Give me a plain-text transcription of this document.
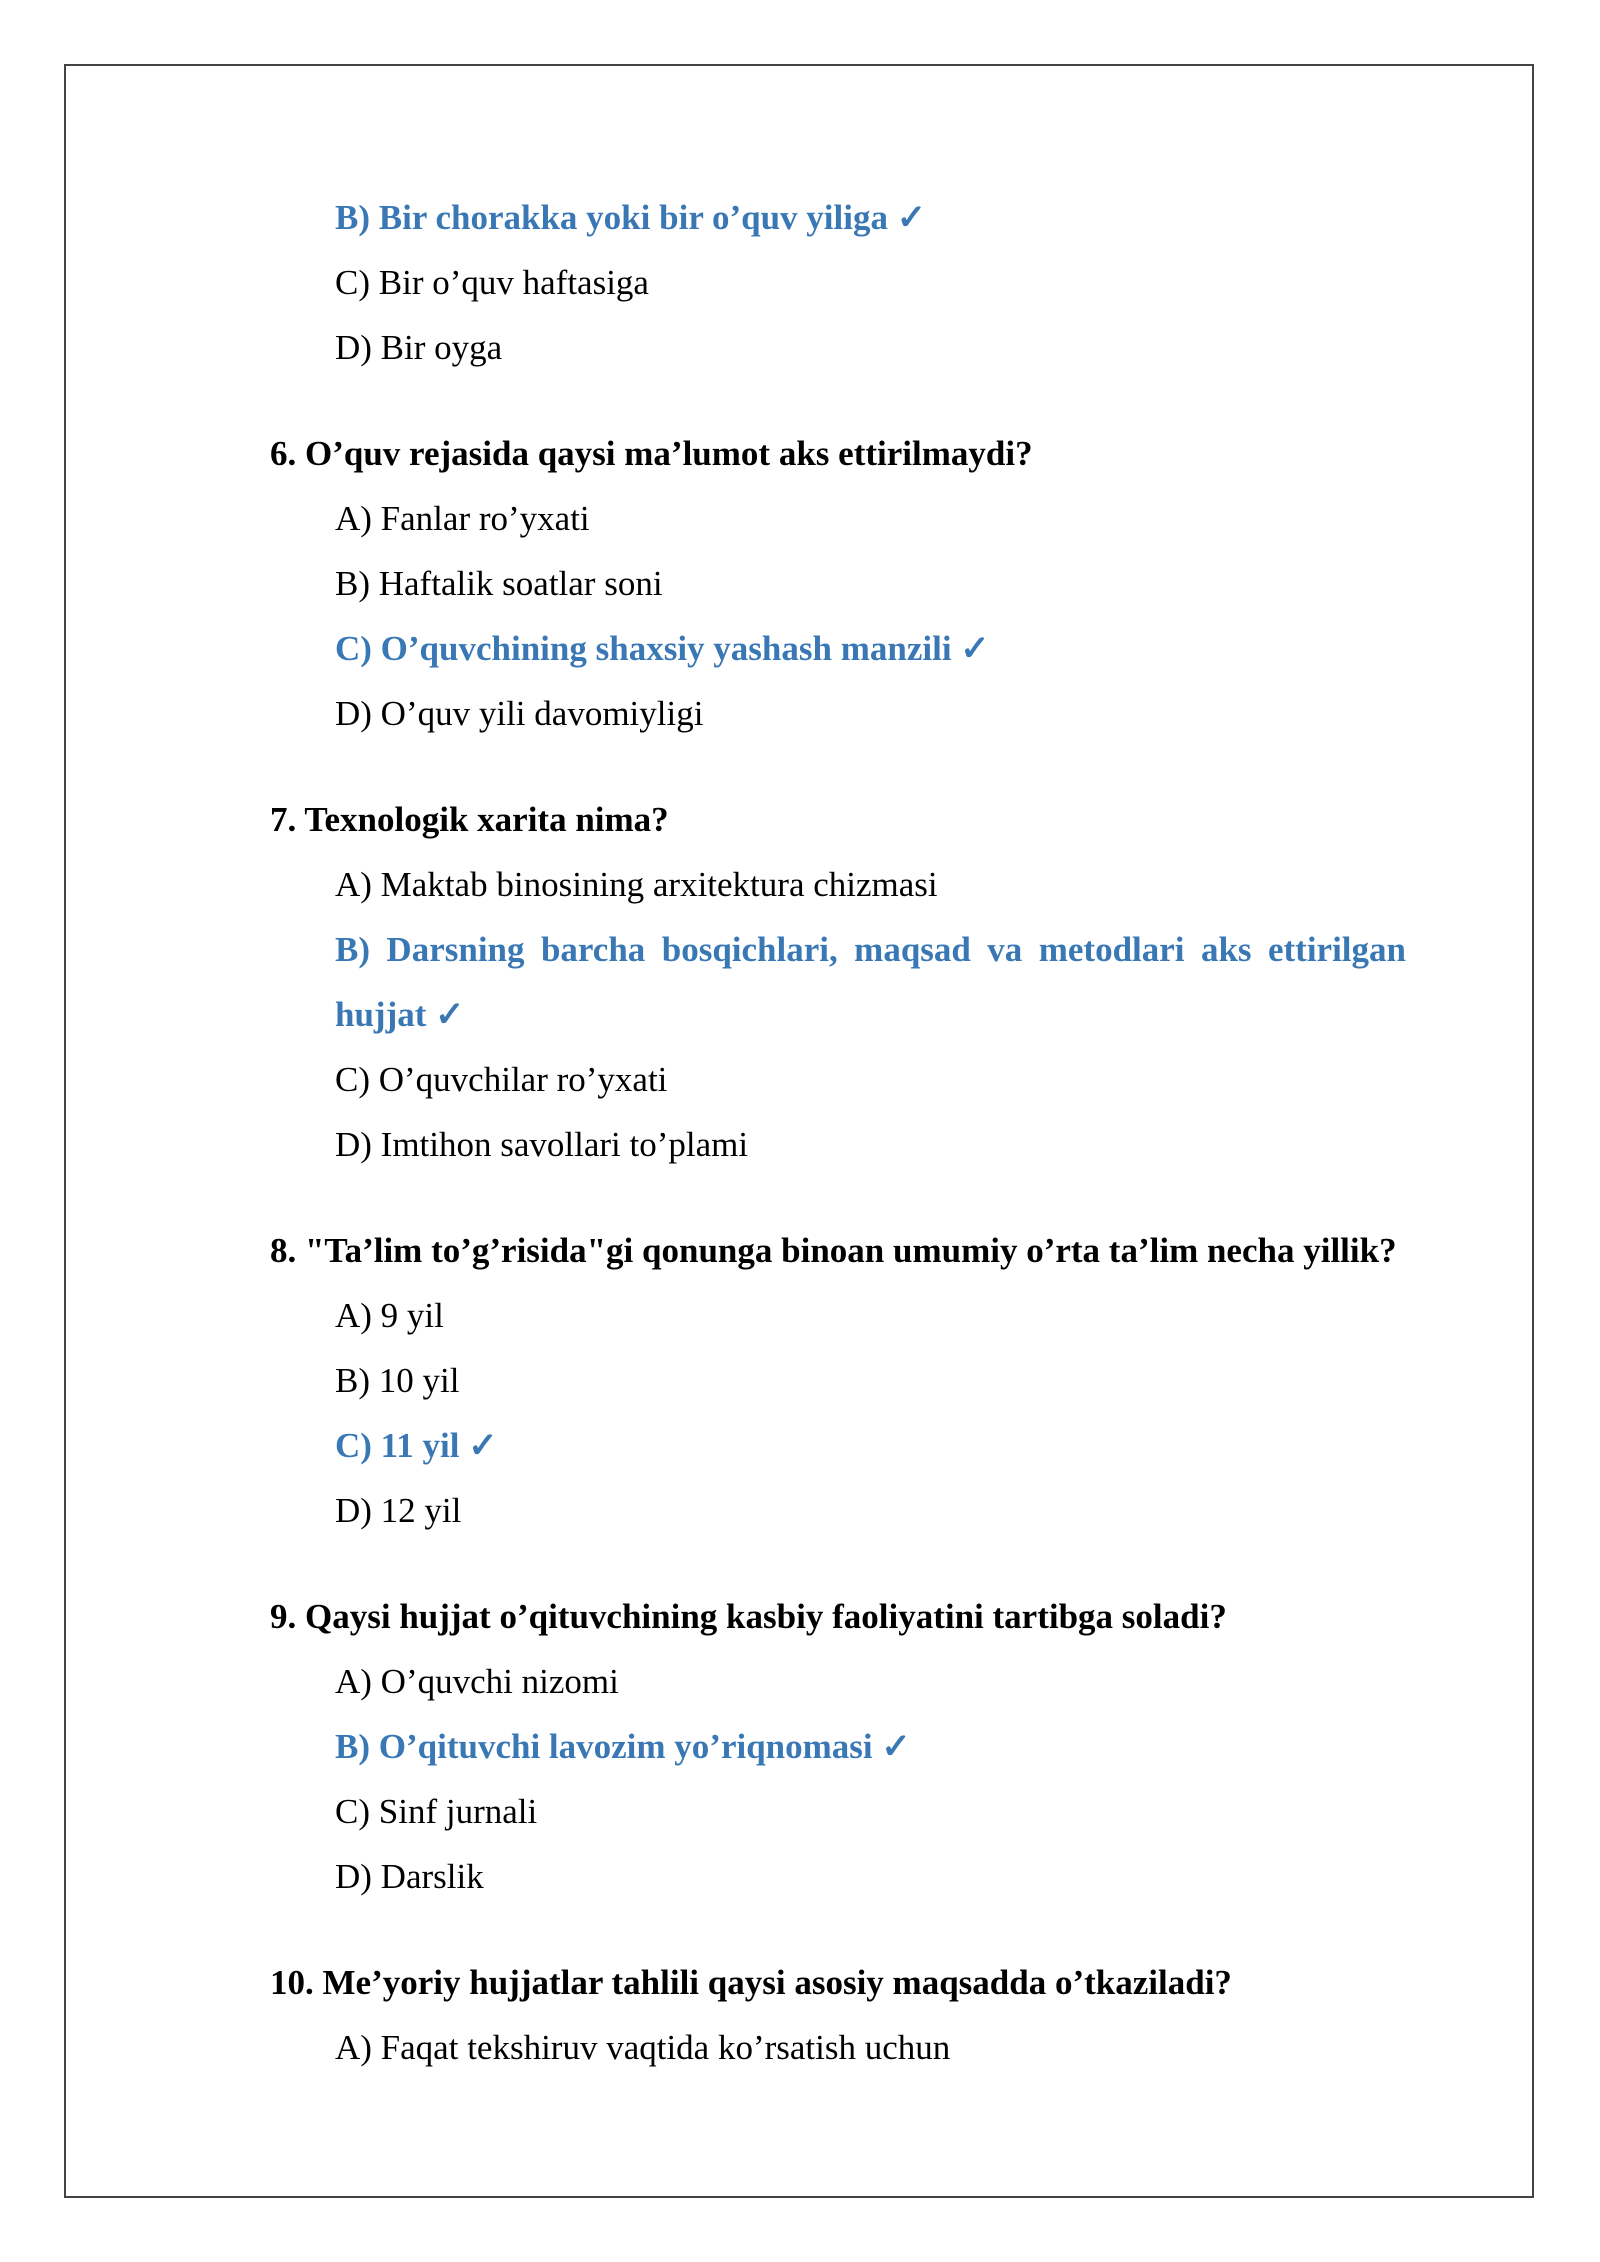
B) Bir chorakka yoki bir o’quv yiliga ✓

C) Bir o’quv haftasiga

D) Bir oyga

6. O’quv rejasida qaysi ma’lumot aks ettirilmaydi?

A) Fanlar ro’yxati

B) Haftalik soatlar soni

C) O’quvchining shaxsiy yashash manzili ✓

D) O’quv yili davomiyligi

7. Texnologik xarita nima?

A) Maktab binosining arxitektura chizmasi

B) Darsning barcha bosqichlari, maqsad va metodlari aks ettirilgan hujjat ✓

C) O’quvchilar ro’yxati

D) Imtihon savollari to’plami

8. "Ta’lim to’g’risida"gi qonunga binoan umumiy o’rta ta’lim necha yillik?

A) 9 yil

B) 10 yil

C) 11 yil ✓

D) 12 yil

9. Qaysi hujjat o’qituvchining kasbiy faoliyatini tartibga soladi?

A) O’quvchi nizomi

B) O’qituvchi lavozim yo’riqnomasi ✓

C) Sinf jurnali

D) Darslik

10. Me’yoriy hujjatlar tahlili qaysi asosiy maqsadda o’tkaziladi?

A) Faqat tekshiruv vaqtida ko’rsatish uchun
